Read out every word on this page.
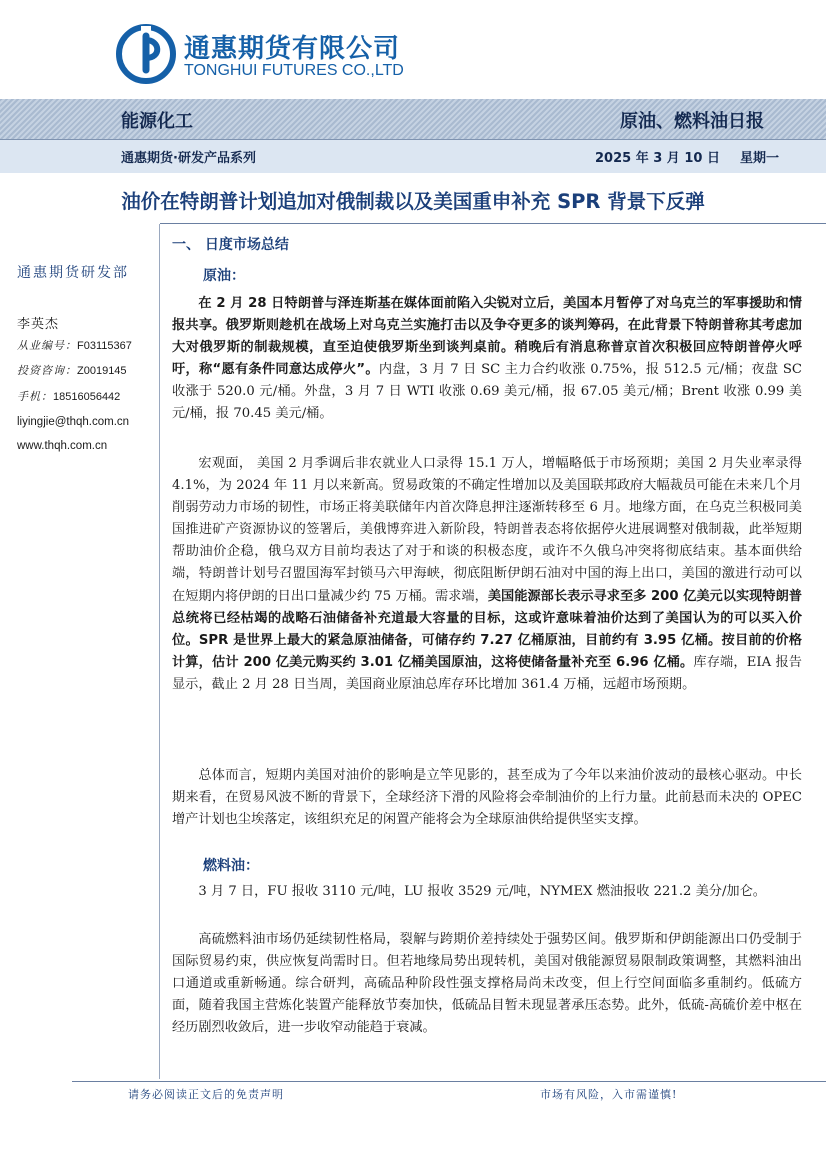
通惠期货有限公司
TONGHUI FUTURES CO.,LTD
能源化工	原油、燃料油日报
通惠期货·研发产品系列	2025 年 3 月 10 日 星期一
油价在特朗普计划追加对俄制裁以及美国重申补充 SPR 背景下反弹
通惠期货研发部
李英杰
从业编号：F03115367
投资咨询：Z0019145
手机：18516056442
liyingjie@thqh.com.cn
www.thqh.com.cn
一、 日度市场总结
原油：

在 2 月 28 日特朗普与泽连斯基在媒体面前陷入尖锐对立后，美国本月暂停了对乌克兰的军事援助和情报共享。俄罗斯则趁机在战场上对乌克兰实施打击以及争夺更多的谈判筹码，在此背景下特朗普称其考虑加大对俄罗斯的制裁规模，直至迫使俄罗斯坐到谈判桌前。稍晚后有消息称普京首次积极回应特朗普停火呼吁，称“愿有条件同意达成停火”。内盘，3 月 7 日 SC 主力合约收涨 0.75%，报 512.5 元/桶；夜盘 SC 收涨于 520.0 元/桶。外盘，3 月 7 日 WTI 收涨 0.69 美元/桶，报 67.05 美元/桶；Brent 收涨 0.99 美元/桶，报 70.45 美元/桶。

宏观面， 美国 2 月季调后非农就业人口录得 15.1 万人，增幅略低于市场预期；美国 2 月失业率录得 4.1%，为 2024 年 11 月以来新高。贸易政策的不确定性增加以及美国联邦政府大幅裁员可能在未来几个月削弱劳动力市场的韧性，市场正将美联储年内首次降息押注逐渐转移至 6 月。地缘方面，在乌克兰积极同美国推进矿产资源协议的签署后，美俄博弈进入新阶段，特朗普表态将依据停火进展调整对俄制裁，此举短期帮助油价企稳，俄乌双方目前均表达了对于和谈的积极态度，或许不久俄乌冲突将彻底结束。基本面供给端，特朗普计划号召盟国海军封锁马六甲海峡，彻底阻断伊朗石油对中国的海上出口，美国的激进行动可以在短期内将伊朗的日出口量减少约 75 万桶。需求端，美国能源部长表示寻求至多 200 亿美元以实现特朗普总统将已经枯竭的战略石油储备补充道最大容量的目标，这或许意味着油价达到了美国认为的可以买入价位。SPR 是世界上最大的紧急原油储备，可储存约 7.27 亿桶原油，目前约有 3.95 亿桶。按目前的价格计算，估计 200 亿美元购买约 3.01 亿桶美国原油，这将使储备量补充至 6.96 亿桶。库存端，EIA 报告显示，截止 2 月 28 日当周，美国商业原油总库存环比增加 361.4 万桶，远超市场预期。

总体而言，短期内美国对油价的影响是立竿见影的，甚至成为了今年以来油价波动的最核心驱动。中长期来看，在贸易风波不断的背景下，全球经济下滑的风险将会牵制油价的上行力量。此前悬而未决的 OPEC 增产计划也尘埃落定，该组织充足的闲置产能将会为全球原油供给提供坚实支撑。

燃料油：

3 月 7 日，FU 报收 3110 元/吨，LU 报收 3529 元/吨，NYMEX 燃油报收 221.2 美分/加仑。

高硫燃料油市场仍延续韧性格局，裂解与跨期价差持续处于强势区间。俄罗斯和伊朗能源出口仍受制于国际贸易约束，供应恢复尚需时日。但若地缘局势出现转机，美国对俄能源贸易限制政策调整，其燃料油出口通道或重新畅通。综合研判，高硫品种阶段性强支撑格局尚未改变，但上行空间面临多重制约。低硫方面，随着我国主营炼化装置产能释放节奏加快，低硫品目暂未现显著承压态势。此外，低硫-高硫价差中枢在经历剧烈收敛后，进一步收窄动能趋于衰减。

请务必阅读正文后的免责声明	市场有风险，入市需谨慎!
